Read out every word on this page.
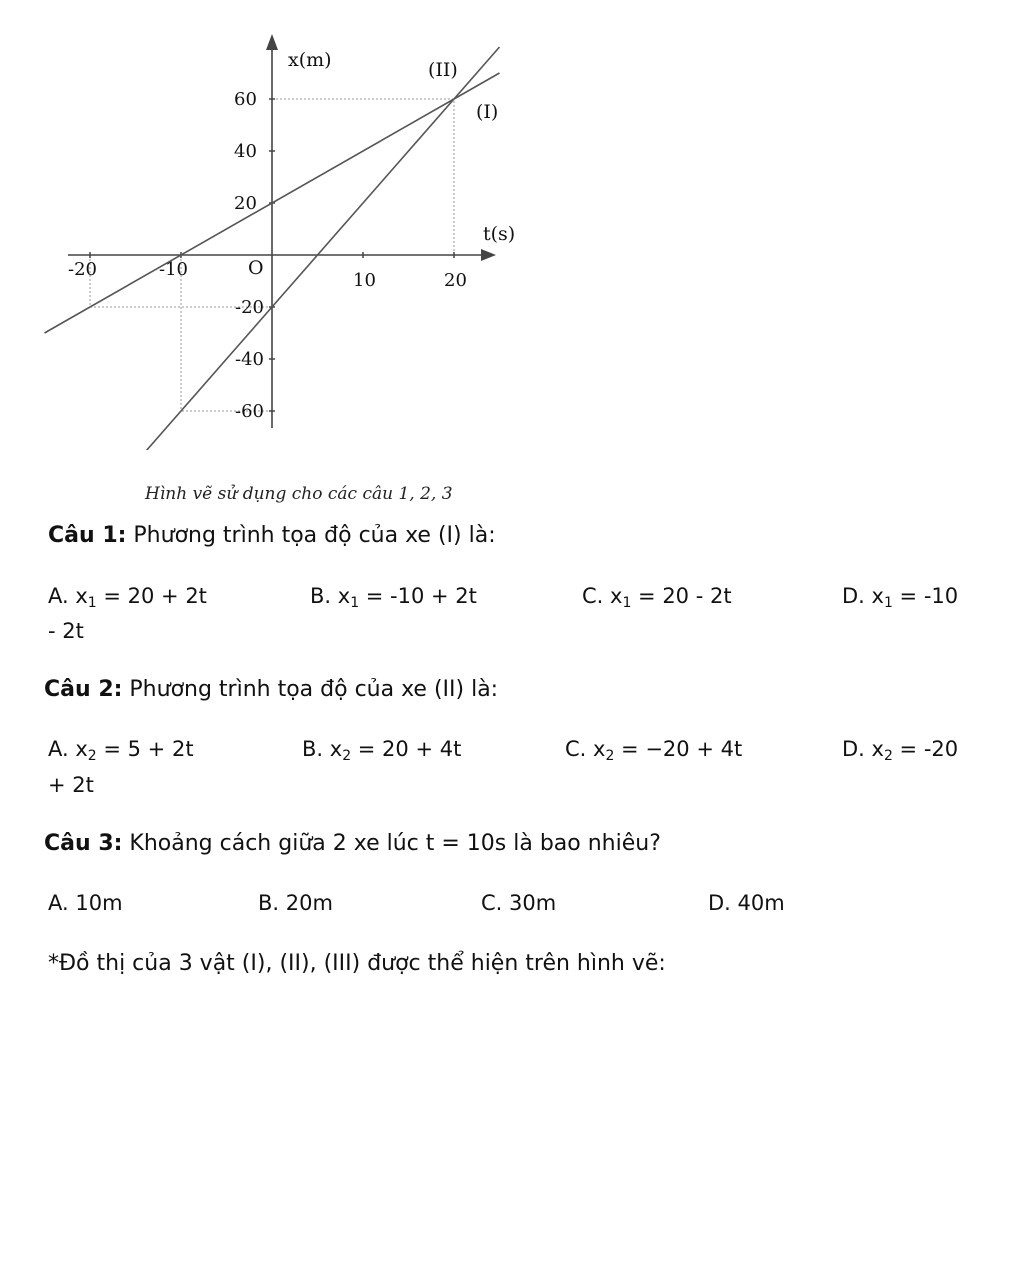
-20	-10
10	20
60
40
20
-20
-40
-60
x(m)
t(s)
O
(II)
(I)
Hình vẽ sử dụng cho các câu 1, 2, 3
Câu 1: Phương trình tọa độ của xe (I) là:
A. $x_1 = 20 + 2t$	B. $x_1 = -10 + 2t$	C. $x_1 = 20 - 2t$	D. $x_1 = -10$
- 2t
Câu 2: Phương trình tọa độ của xe (II) là:
A. $x_2 = 5 + 2t$	B. $x_2 = 20 + 4t$	C. $x_2 = -20 + 4t$	D. $x_2 = -20$
+ 2t
Câu 3: Khoảng cách giữa 2 xe lúc t = 10s là bao nhiêu?
A. 10m	B. 20m	C. 30m	D. 40m
*Đồ thị của 3 vật (I), (II), (III) được thể hiện trên hình vẽ:
